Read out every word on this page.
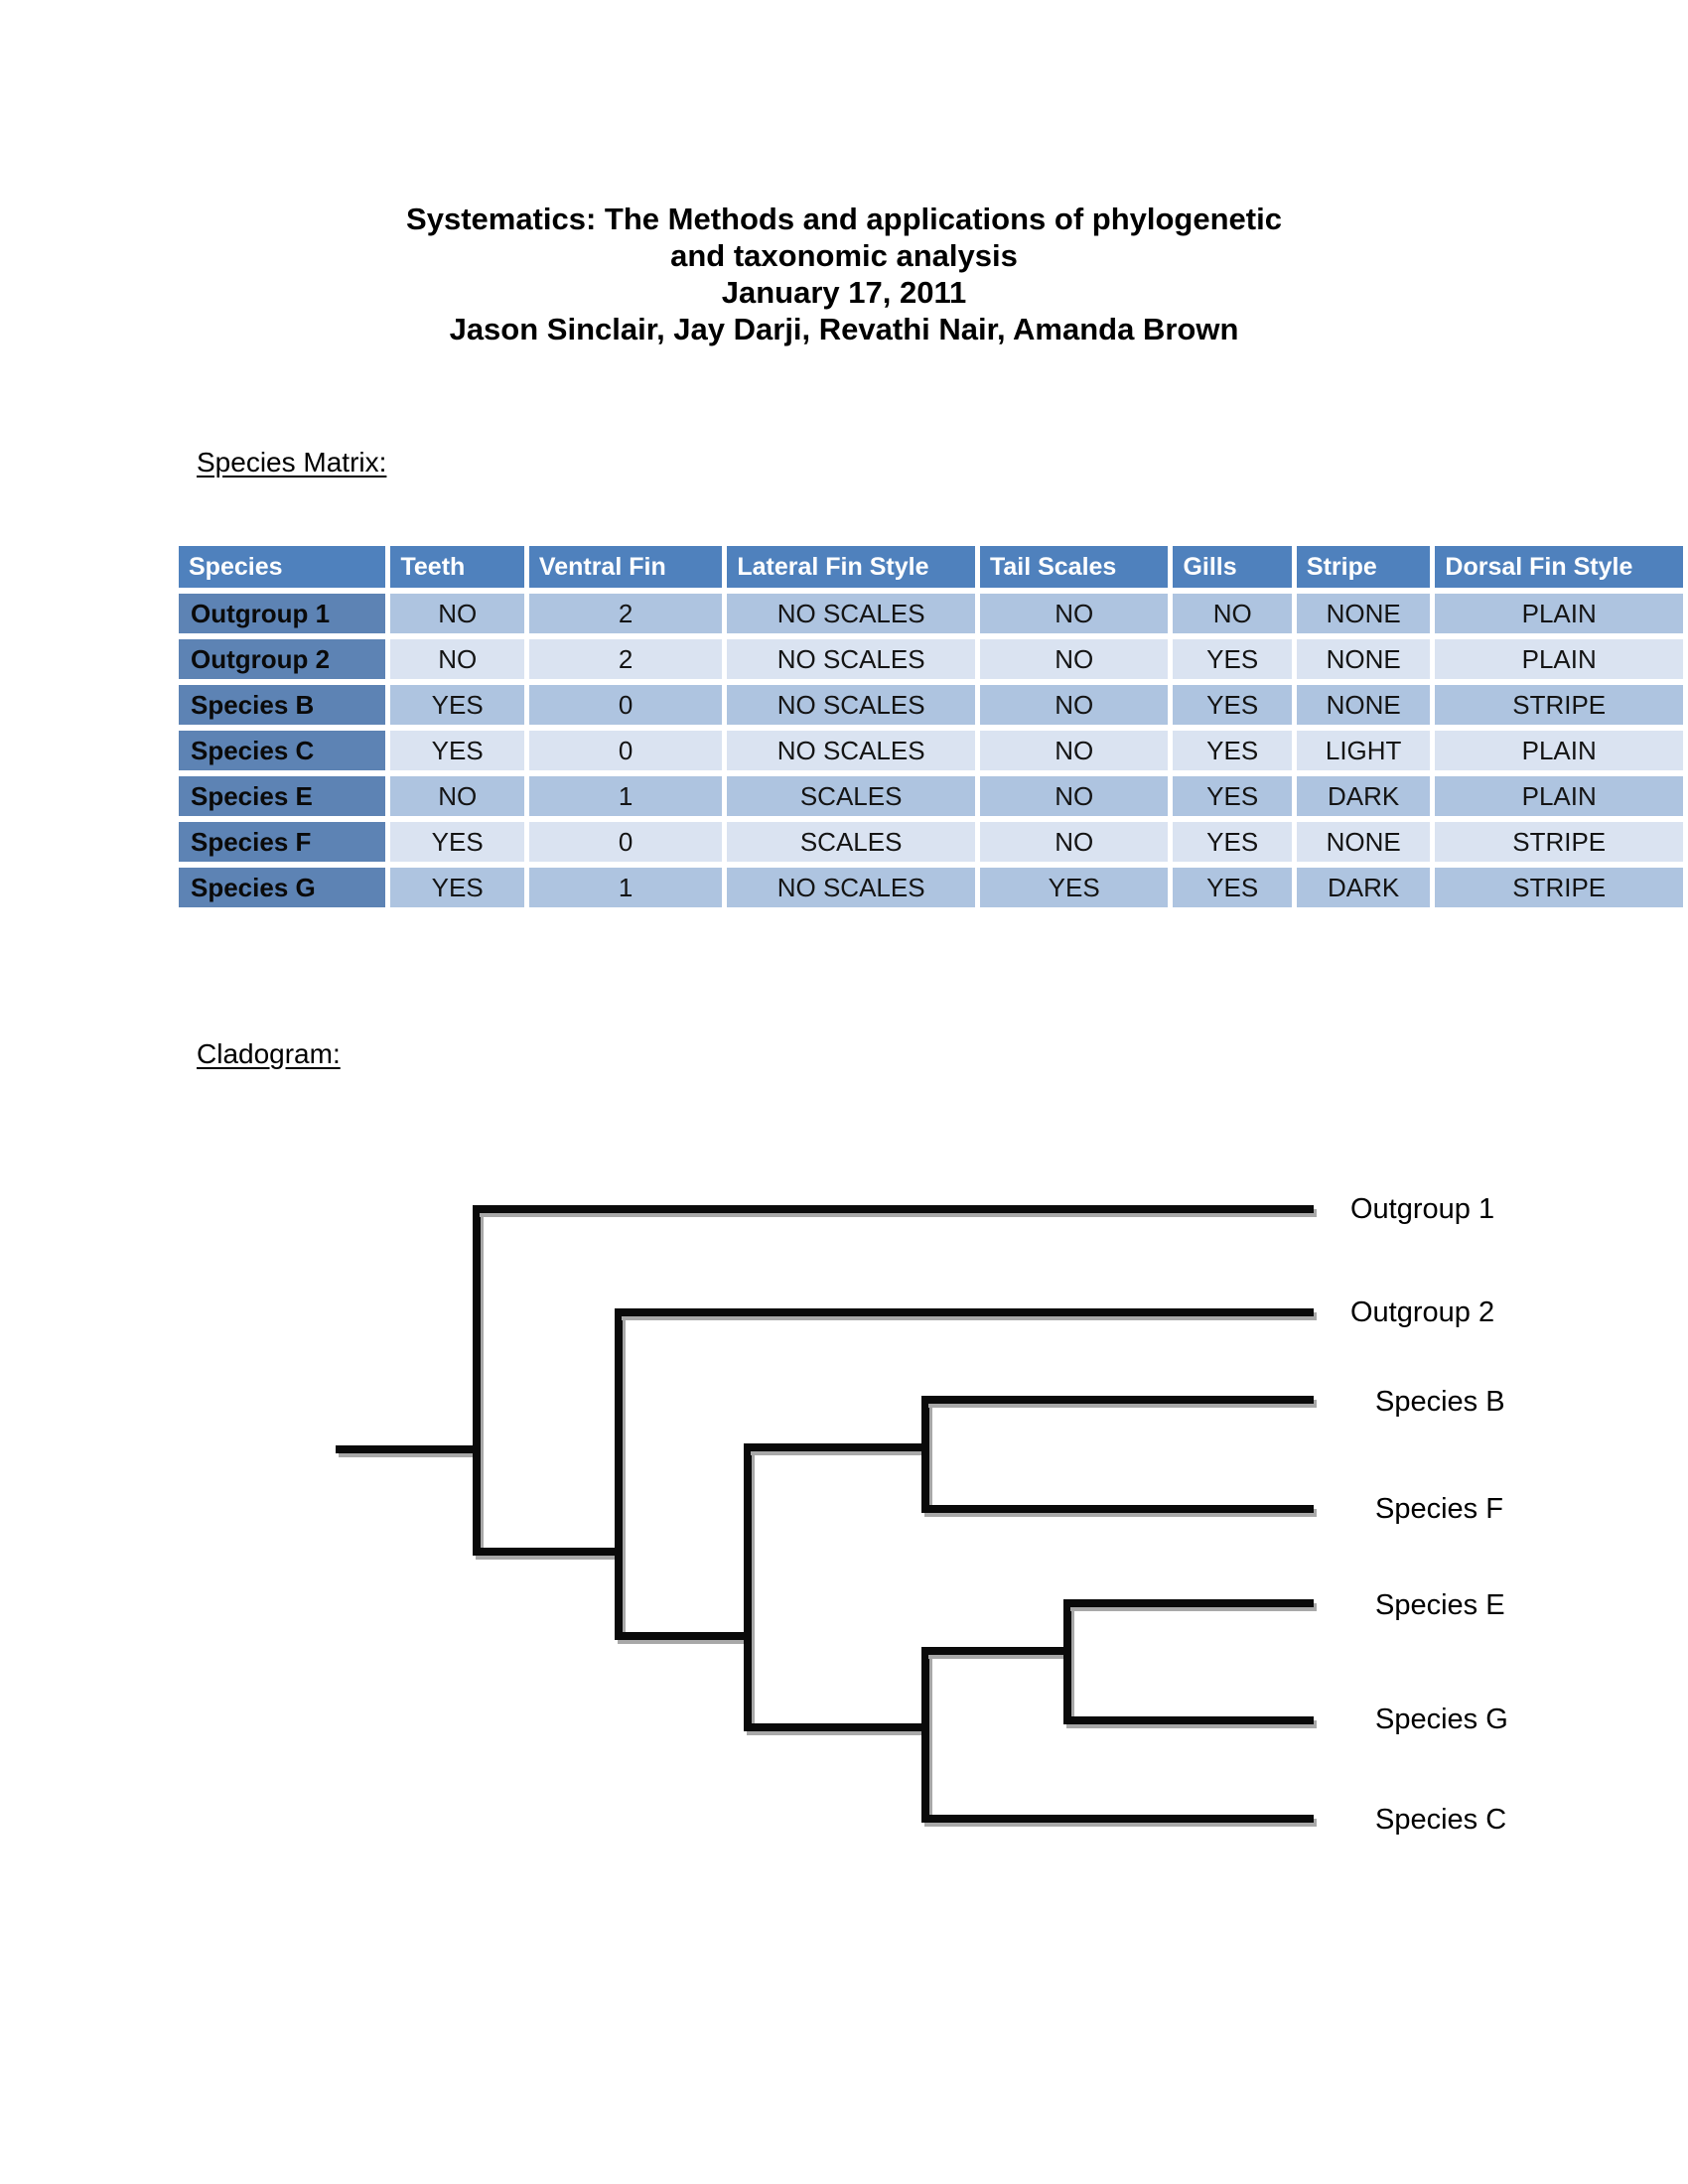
Systematics: The Methods and applications of phylogenetic
and taxonomic analysis
January 17, 2011
Jason Sinclair, Jay Darji, Revathi Nair, Amanda Brown
Species Matrix:
Cladogram:
Species	Teeth	Ventral Fin	Lateral Fin Style	Tail Scales	Gills	Stripe	Dorsal Fin Style
Outgroup 1	NO	2	NO SCALES	NO	NO	NONE	PLAIN
Outgroup 2	NO	2	NO SCALES	NO	YES	NONE	PLAIN
Species B	YES	0	NO SCALES	NO	YES	NONE	STRIPE
Species C	YES	0	NO SCALES	NO	YES	LIGHT	PLAIN
Species E	NO	1	SCALES	NO	YES	DARK	PLAIN
Species F	YES	0	SCALES	NO	YES	NONE	STRIPE
Species G	YES	1	NO SCALES	YES	YES	DARK	STRIPE
Outgroup 1
Outgroup 2
Species B
Species F
Species E
Species G
Species C
